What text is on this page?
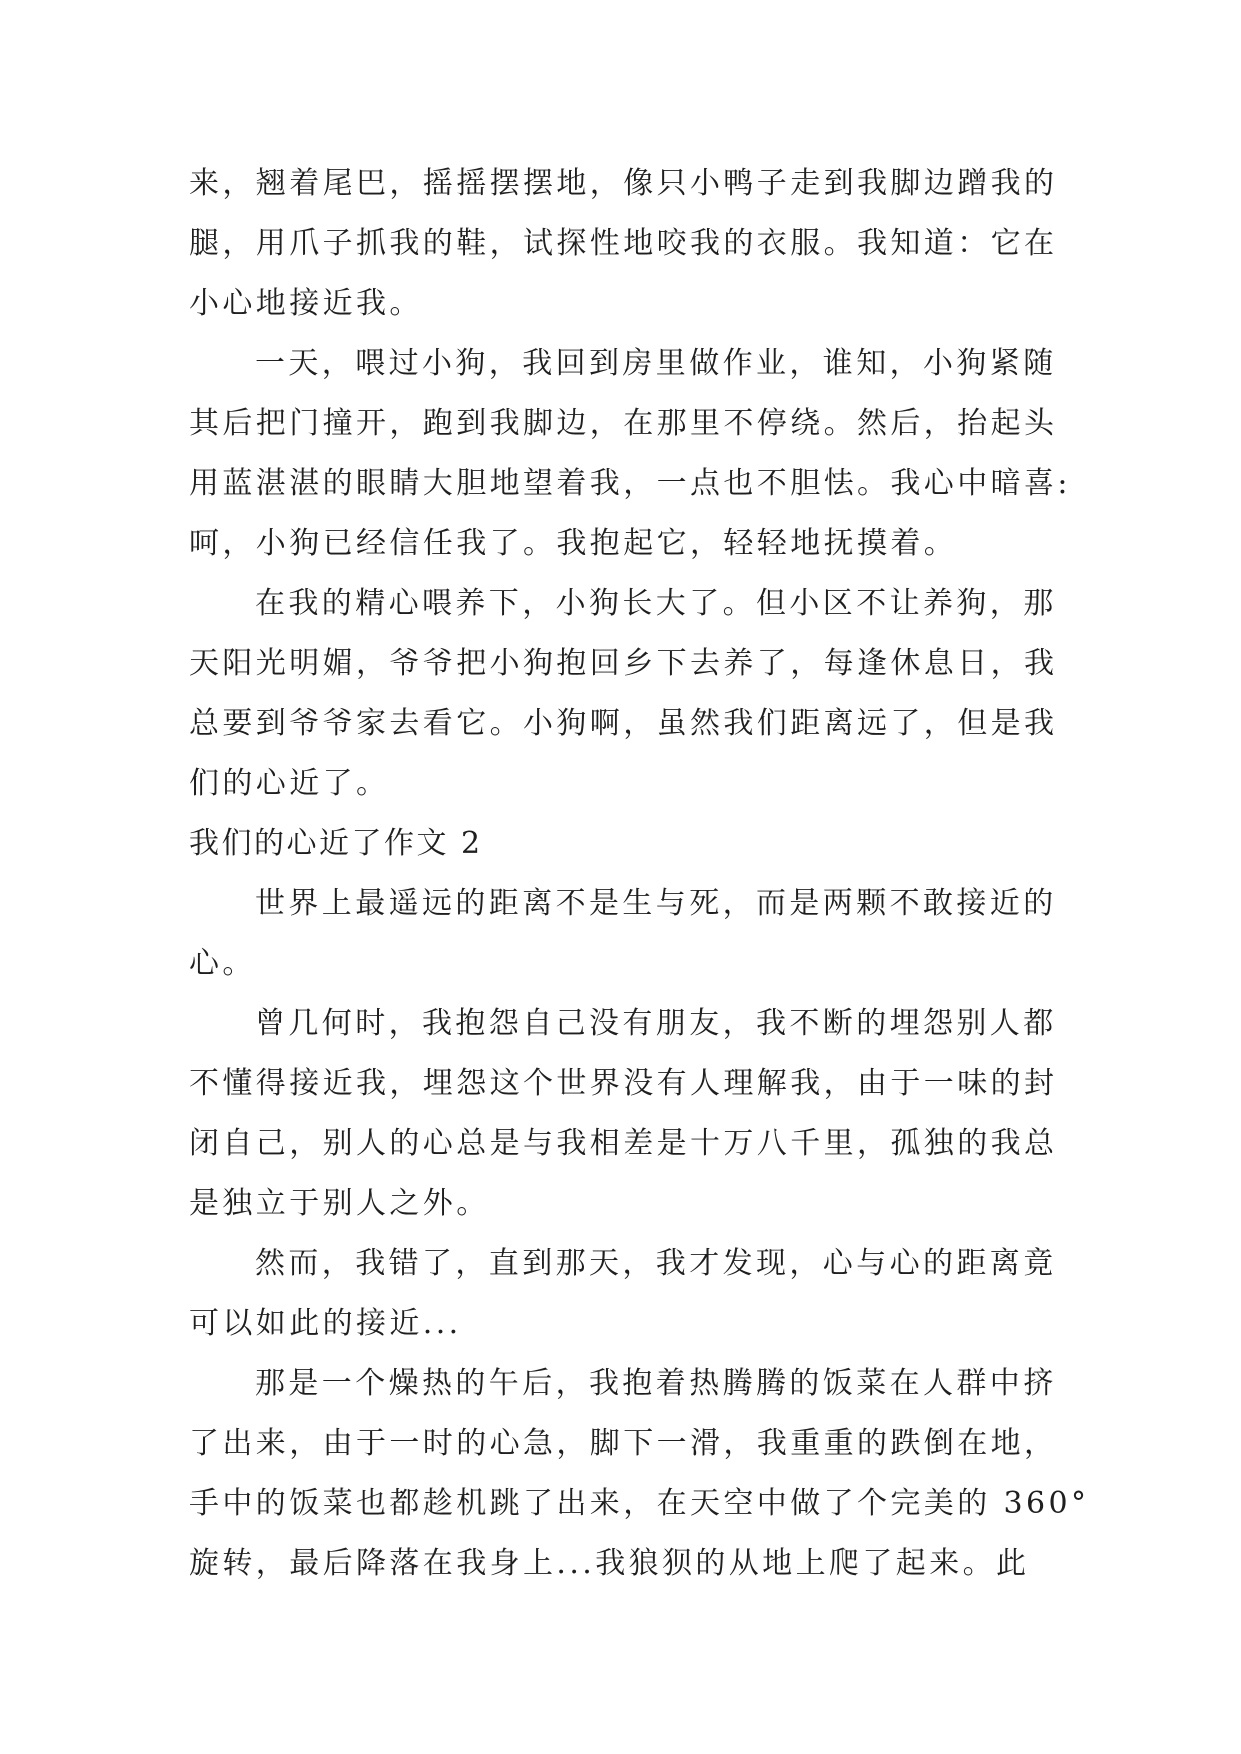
来，翘着尾巴，摇摇摆摆地，像只小鸭子走到我脚边蹭我的
腿，用爪子抓我的鞋，试探性地咬我的衣服。我知道：它在
小心地接近我。
一天，喂过小狗，我回到房里做作业，谁知，小狗紧随
其后把门撞开，跑到我脚边，在那里不停绕。然后，抬起头
用蓝湛湛的眼睛大胆地望着我，一点也不胆怯。我心中暗喜:
呵，小狗已经信任我了。我抱起它，轻轻地抚摸着。
在我的精心喂养下，小狗长大了。但小区不让养狗，那
天阳光明媚，爷爷把小狗抱回乡下去养了，每逢休息日，我
总要到爷爷家去看它。小狗啊，虽然我们距离远了，但是我
们的心近了。
我们的心近了作文 2
世界上最遥远的距离不是生与死，而是两颗不敢接近的
心。
曾几何时，我抱怨自己没有朋友，我不断的埋怨别人都
不懂得接近我，埋怨这个世界没有人理解我，由于一味的封
闭自己，别人的心总是与我相差是十万八千里，孤独的我总
是独立于别人之外。
然而，我错了，直到那天，我才发现，心与心的距离竟
可以如此的接近...
那是一个燥热的午后，我抱着热腾腾的饭菜在人群中挤
了出来，由于一时的心急，脚下一滑，我重重的跌倒在地，
手中的饭菜也都趁机跳了出来，在天空中做了个完美的 360°
旋转，最后降落在我身上...我狼狈的从地上爬了起来。此
